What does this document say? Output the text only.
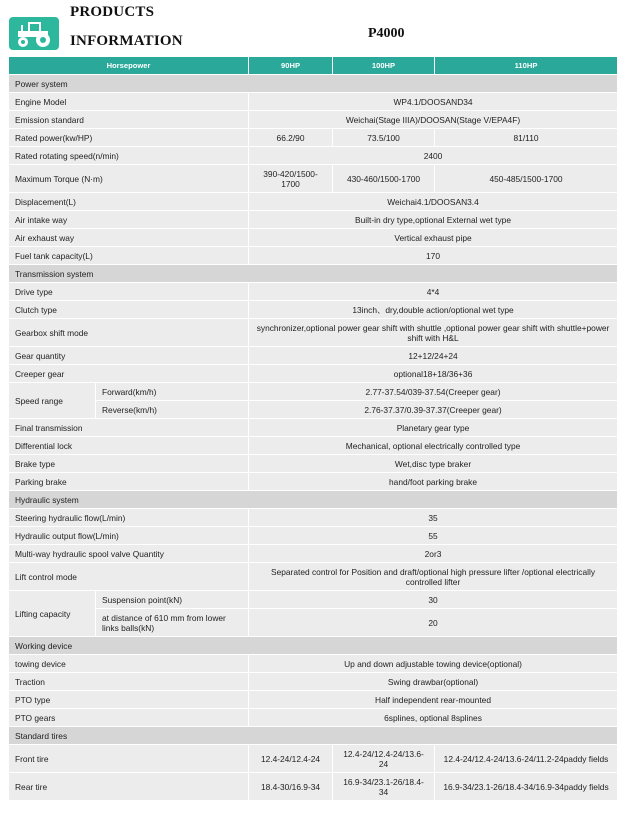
PRODUCTS
INFORMATION	P4000
Horsepower		90HP	100HP	110HP
Power system				
Engine Model		WP4.1/DOOSAND34		
Emission standard		Weichai(Stage IIIA)/DOOSAN(Stage V/EPA4F)		
Rated power(kw/HP)		66.2/90	73.5/100	81/110
Rated rotating speed(n/min)		2400		
Maximum Torque (N·m)		390-420/1500-1700	430-460/1500-1700	450-485/1500-1700
Displacement(L)		Weichai4.1/DOOSAN3.4		
Air intake way		Built-in dry type,optional External wet type		
Air exhaust way		Vertical exhaust pipe		
Fuel tank capacity(L)		170		
Transmission system				
Drive type		4*4		
Clutch type		13inch、dry,double action/optional wet type		
Gearbox shift mode		synchronizer,optional power gear shift with shuttle ,optional power gear shift with shuttle+power shift with H&L		
Gear quantity		12+12/24+24		
Creeper gear		optional18+18/36+36		
Speed range	Forward(km/h)	2.77-37.54/039-37.54(Creeper gear)		
	Reverse(km/h)	2.76-37.37/0.39-37.37(Creeper gear)		
Final transmission		Planetary gear type		
Differential lock		Mechanical, optional electrically controlled type		
Brake type		Wet,disc type braker		
Parking brake		hand/foot parking brake		
Hydraulic system				
Steering hydraulic flow(L/min)		35		
Hydraulic output flow(L/min)		55		
Multi-way hydraulic spool valve Quantity		2or3		
Lift control mode		Separated control for Position and draft/optional high pressure lifter /optional electrically controlled lifter		
Lifting capacity	Suspension point(kN)	30		
	at distance of 610 mm from lower links balls(kN)	20		
Working device				
towing device		Up and down adjustable towing device(optional)		
Traction		Swing drawbar(optional)		
PTO type		Half independent rear-mounted		
PTO gears		6splines, optional 8splines		
Standard tires				
Front tire		12.4-24/12.4-24	12.4-24/12.4-24/13.6-24	12.4-24/12.4-24/13.6-24/11.2-24paddy fields
Rear tire		18.4-30/16.9-34	16.9-34/23.1-26/18.4-34	16.9-34/23.1-26/18.4-34/16.9-34paddy fields
